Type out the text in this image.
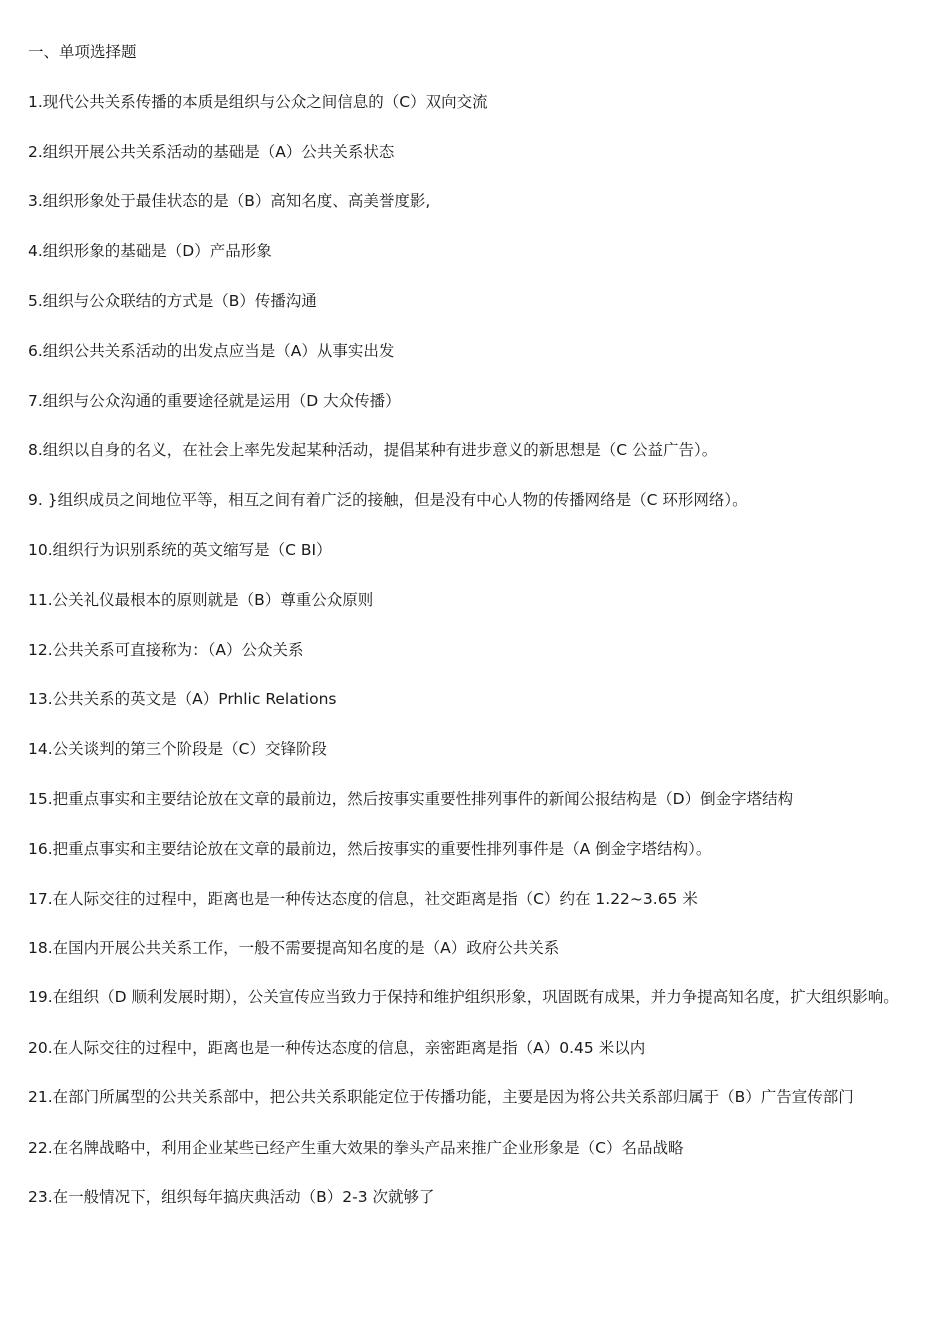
一、单项选择题
1.现代公共关系传播的本质是组织与公众之间信息的（C）双向交流
2.组织开展公共关系活动的基础是（A）公共关系状态
3.组织形象处于最佳状态的是（B）高知名度、高美誉度影,
4.组织形象的基础是（D）产品形象
5.组织与公众联结的方式是（B）传播沟通
6.组织公共关系活动的出发点应当是（A）从事实出发
7.组织与公众沟通的重要途径就是运用（D 大众传播）
8.组织以自身的名义，在社会上率先发起某种活动，提倡某种有进步意义的新思想是（C 公益广告）。
9. }组织成员之间地位平等，相互之间有着广泛的接触，但是没有中心人物的传播网络是（C 环形网络）。
10.组织行为识别系统的英文缩写是（C BI）
11.公关礼仪最根本的原则就是（B）尊重公众原则
12.公共关系可直接称为：（A）公众关系
13.公共关系的英文是（A）Prhlic Relations
14.公关谈判的第三个阶段是（C）交锋阶段
15.把重点事实和主要结论放在文章的最前边，然后按事实重要性排列事件的新闻公报结构是（D）倒金字塔结构
16.把重点事实和主要结论放在文章的最前边，然后按事实的重要性排列事件是（A 倒金字塔结构）。
17.在人际交往的过程中，距离也是一种传达态度的信息，社交距离是指（C）约在 1.22~3.65 米
18.在国内开展公共关系工作，一般不需要提高知名度的是（A）政府公共关系
19.在组织（D 顺利发展时期），公关宣传应当致力于保持和维护组织形象，巩固既有成果，并力争提高知名度，扩大组织影响。
20.在人际交往的过程中，距离也是一种传达态度的信息，亲密距离是指（A）0.45 米以内
21.在部门所属型的公共关系部中，把公共关系职能定位于传播功能，主要是因为将公共关系部归属于（B）广告宣传部门
22.在名牌战略中，利用企业某些已经产生重大效果的拳头产品来推广企业形象是（C）名品战略
23.在一般情况下，组织每年搞庆典活动（B）2-3 次就够了
